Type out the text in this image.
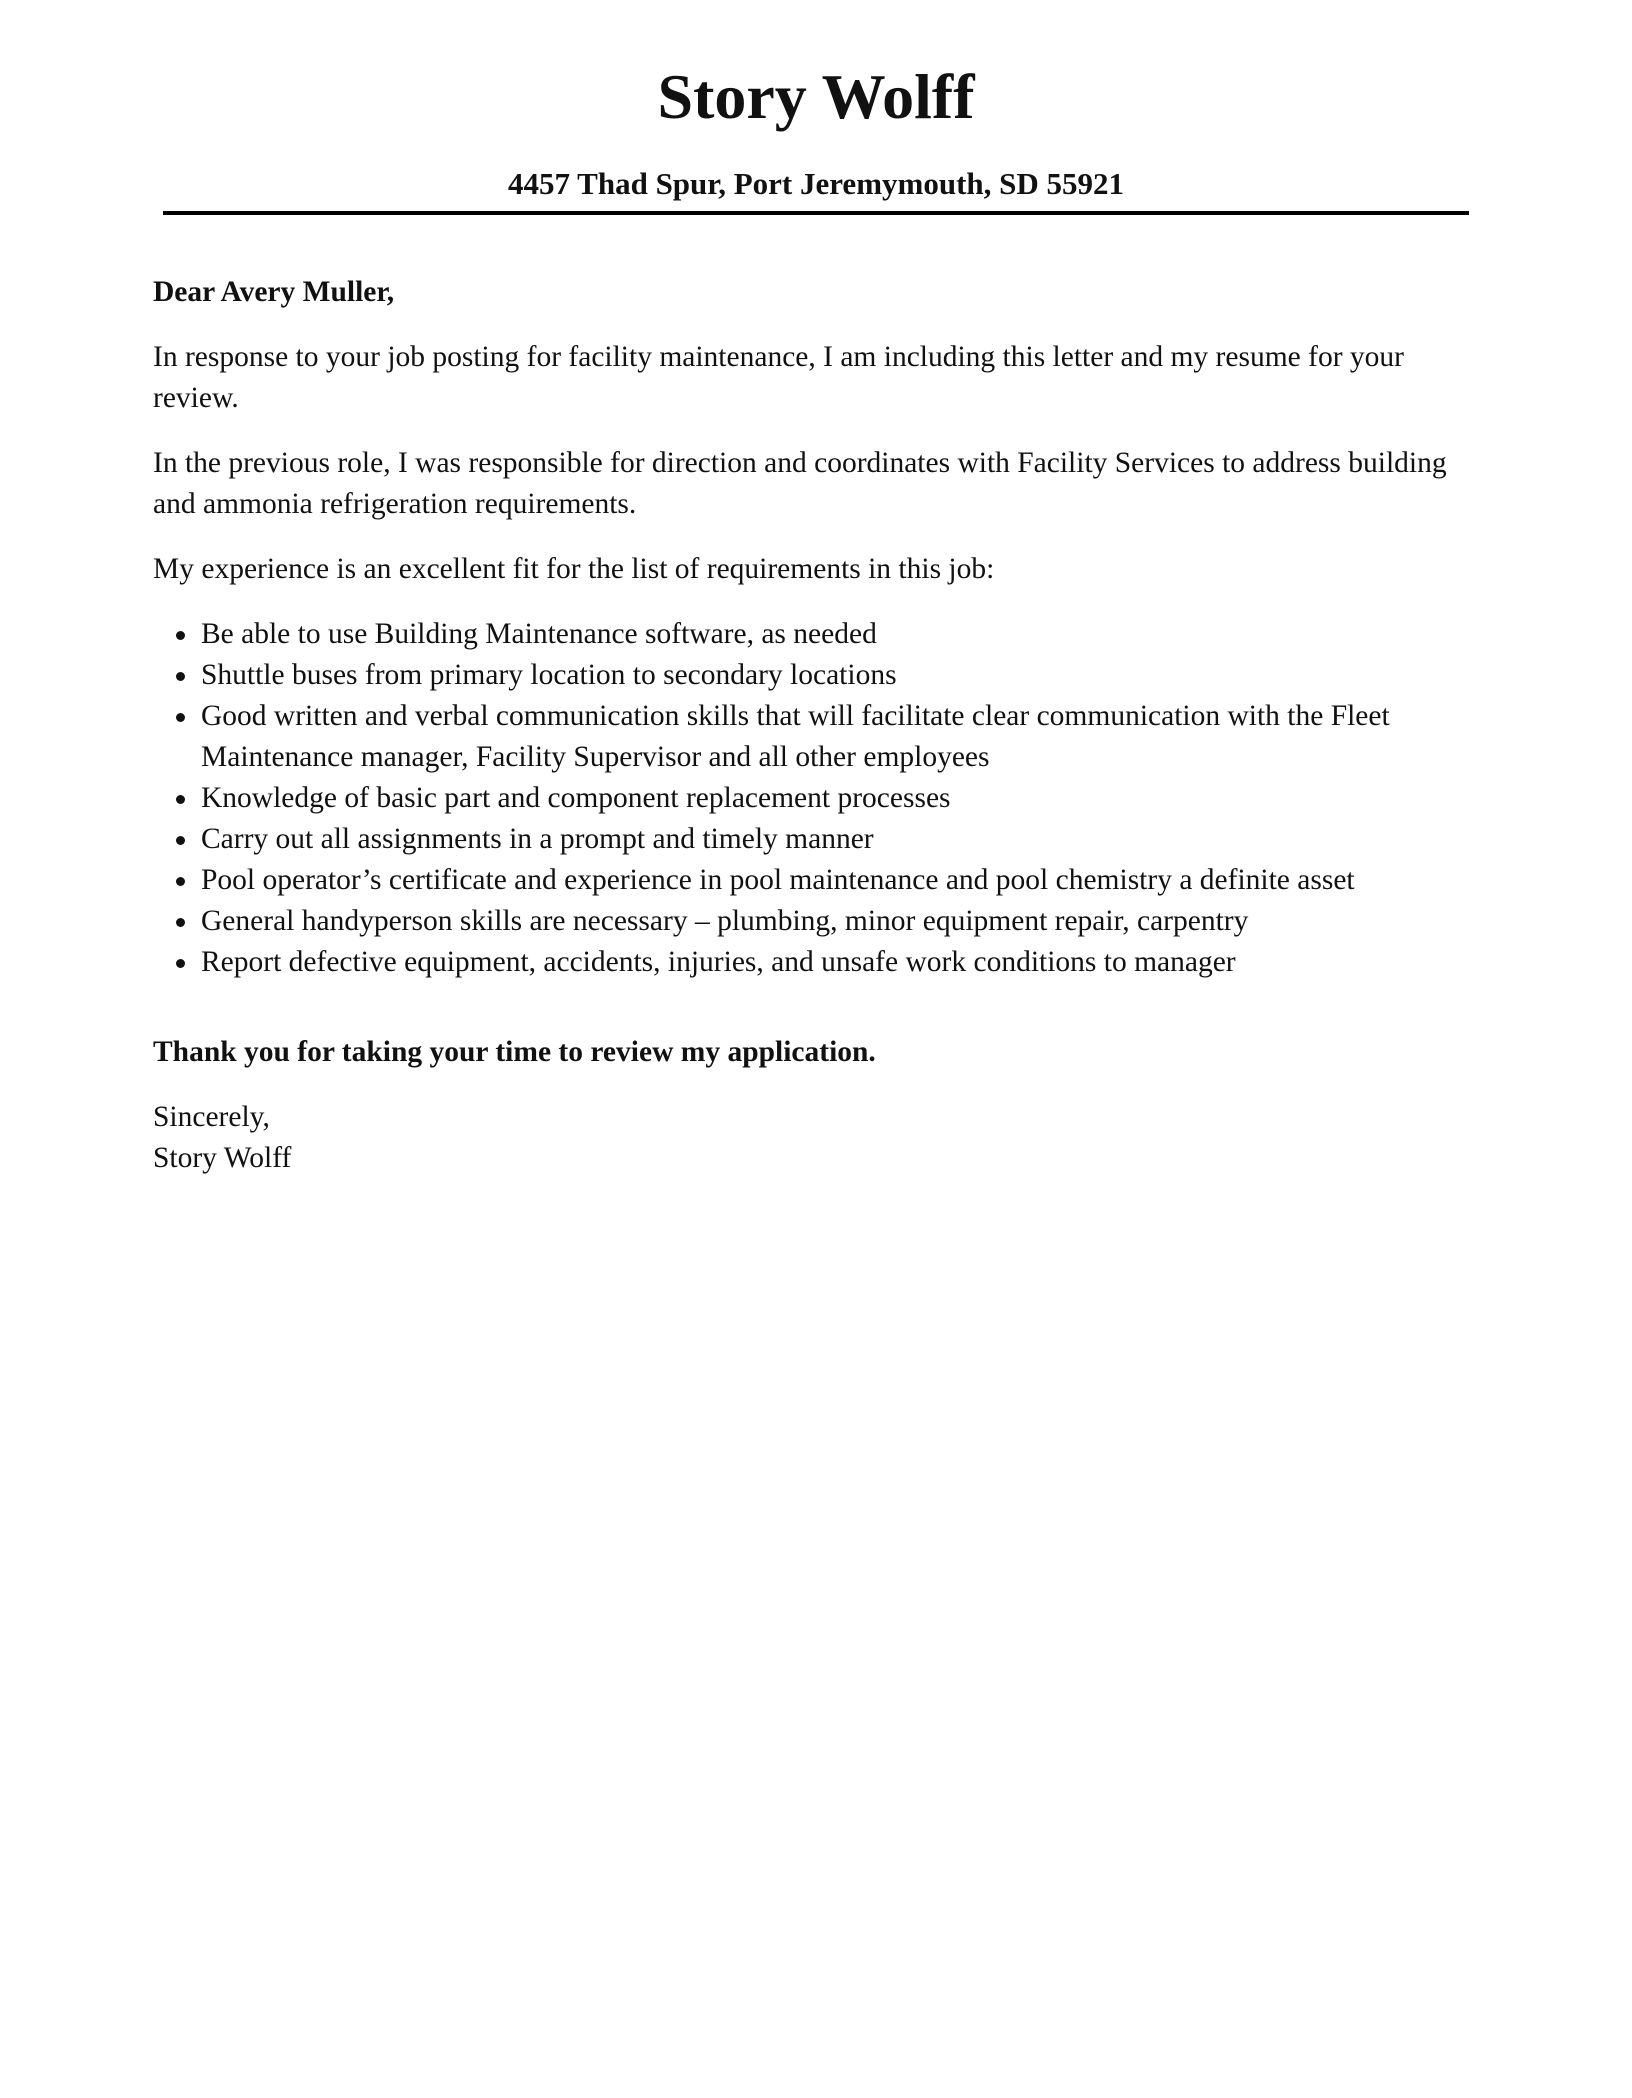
Story Wolff
4457 Thad Spur, Port Jeremymouth, SD 55921

Dear Avery Muller,

In response to your job posting for facility maintenance, I am including this letter and my resume for your review.

In the previous role, I was responsible for direction and coordinates with Facility Services to address building and ammonia refrigeration requirements.

My experience is an excellent fit for the list of requirements in this job:

Be able to use Building Maintenance software, as needed
Shuttle buses from primary location to secondary locations
Good written and verbal communication skills that will facilitate clear communication with the Fleet Maintenance manager, Facility Supervisor and all other employees
Knowledge of basic part and component replacement processes
Carry out all assignments in a prompt and timely manner
Pool operator’s certificate and experience in pool maintenance and pool chemistry a definite asset
General handyperson skills are necessary – plumbing, minor equipment repair, carpentry
Report defective equipment, accidents, injuries, and unsafe work conditions to manager

Thank you for taking your time to review my application.

Sincerely,

Story Wolff
